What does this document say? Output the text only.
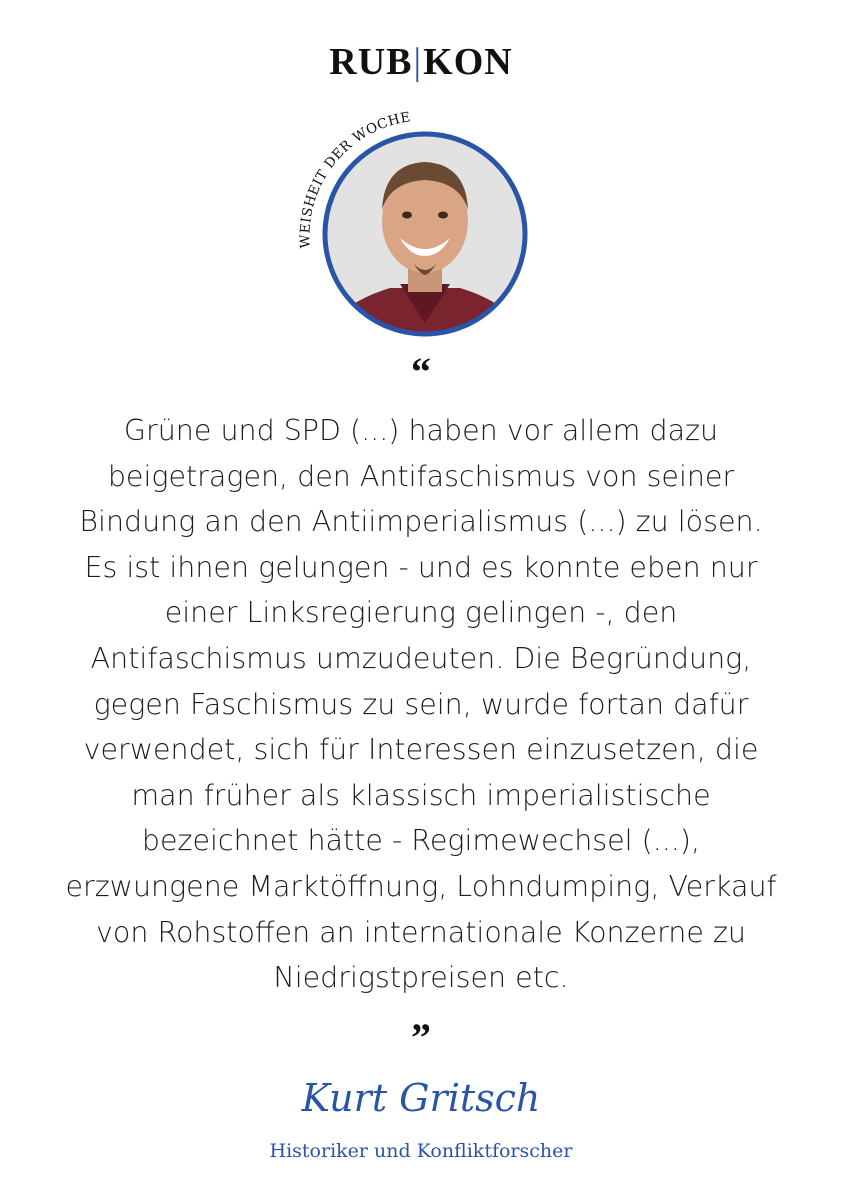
RUB|KON
WEISHEIT DER WOCHE
“

Grüne und SPD (...) haben vor allem dazu beigetragen, den Antifaschismus von seiner Bindung an den Antiimperialismus (...) zu lösen. Es ist ihnen gelungen - und es konnte eben nur einer Linksregierung gelingen -, den Antifaschismus umzudeuten. Die Begründung, gegen Faschismus zu sein, wurde fortan dafür verwendet, sich für Interessen einzusetzen, die man früher als klassisch imperialistische bezeichnet hätte - Regimewechsel (...), erzwungene Marktöffnung, Lohndumping, Verkauf von Rohstoffen an internationale Konzerne zu Niedrigstpreisen etc.

”
Kurt Gritsch
Historiker und Konfliktforscher
